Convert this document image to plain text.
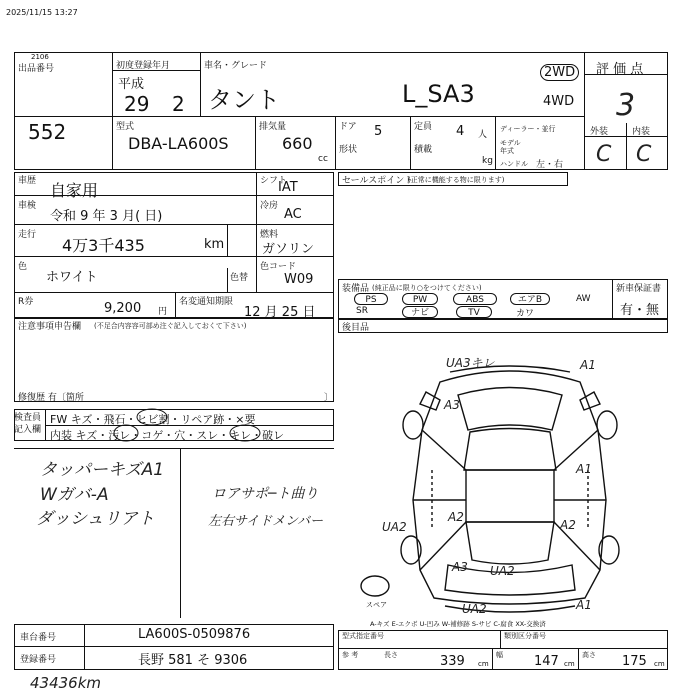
2025/11/15 13:27
2106
出品番号
552
初度登録年月
平成
29 2
車名・グレード
タント	L_SA3
2WD
4WD
評 価 点
3
外装	内装
C C
型式
DBA-LA600S
排気量
660
cc
ドア 5
形状
定員 4 人
積載
kg
ディーラー・並行
モデル
年式
ハンドル 左・右
車歴 自家用
車検
令和 9 年 3 月( 日)
走行
4万3千435	km
色
ホワイト	色替
シフト
IAT
冷房
AC
燃料
ガソリン
色コード
W09
R券	9,200 円
名変通知期限
12 月 25 日
セールスポイント
(正常に機能する物に限ります)
装備品 (純正品に限り○をつけてください)	新車保証書
有・無
PS	PW	ABS	エアB	AW
SR	ナビ	TV	カワ
後目品
注意事項申告欄 (不足合内容容可部め注ぐ記入しておくて下さい)
修復歴 有〔箇所	〕
検査員
記入欄
FW キズ・飛石・ヒビ割・リペア跡・×要
内装 キズ・汚レ・コゲ・穴・スレ・キレ・破レ
タッパーキズA1
Wガバ-A
ダッシュリアト
ロアサポ─ト曲り
左右サイドメンバー
スペア
UA3キレ	A1
A3
A1
A2
A2
UA2
A3 UA2
UA2	A1
A-キズ E-エクボ U-凹み W-補修跡 S-サビ C-腐食 XX-交換済
車台番号	LA600S-0509876
登録番号	長野 581 そ 9306
型式指定番号	類別区分番号
参 考	長さ	339 cm
幅 147 cm
高さ 175 cm
43436km
